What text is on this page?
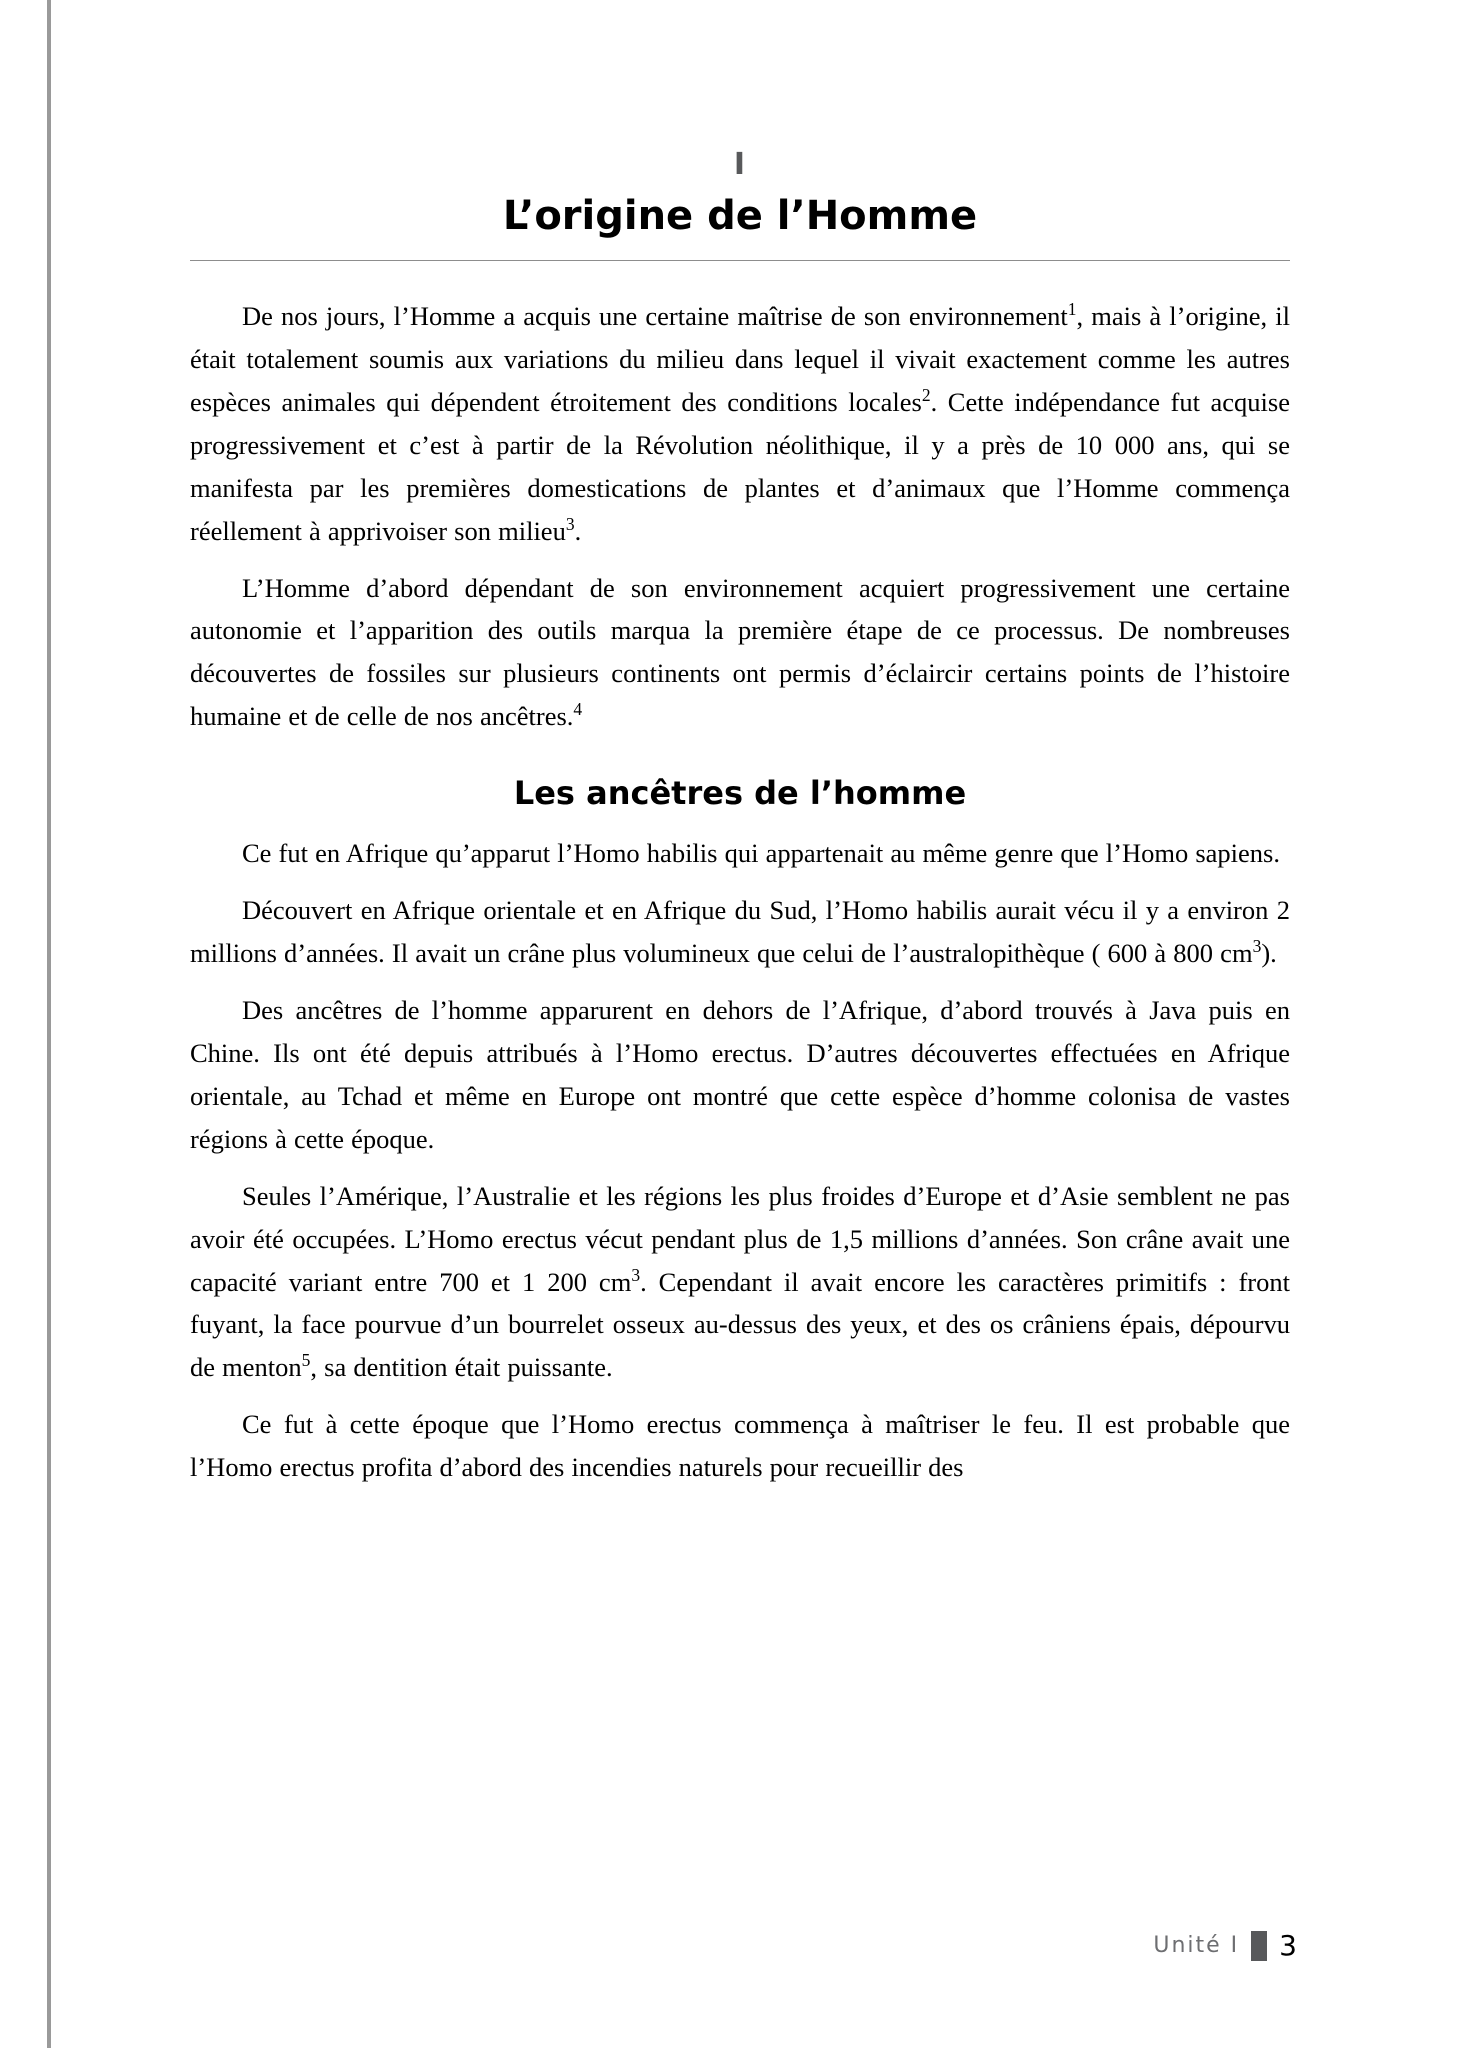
I
L’origine de l’Homme

De nos jours, l’Homme a acquis une certaine maîtrise de son environnement$^1$, mais à l’origine, il était totalement soumis aux variations du milieu dans lequel il vivait exactement comme les autres espèces animales qui dépendent étroitement des conditions locales$^2$. Cette indépendance fut acquise progressivement et c’est à partir de la Révolution néolithique, il y a près de 10 000 ans, qui se manifesta par les premières domestications de plantes et d’animaux que l’Homme commença réellement à apprivoiser son milieu$^3$.

L’Homme d’abord dépendant de son environnement acquiert progressivement une certaine autonomie et l’apparition des outils marqua la première étape de ce processus. De nombreuses découvertes de fossiles sur plusieurs continents ont permis d’éclaircir certains points de l’histoire humaine et de celle de nos ancêtres.$^4$

Les ancêtres de l’homme

Ce fut en Afrique qu’apparut l’Homo habilis qui appartenait au même genre que l’Homo sapiens.

Découvert en Afrique orientale et en Afrique du Sud, l’Homo habilis aurait vécu il y a environ 2 millions d’années. Il avait un crâne plus volumineux que celui de l’australopithèque ( 600 à 800 $cm^3$).

Des ancêtres de l’homme apparurent en dehors de l’Afrique, d’abord trouvés à Java puis en Chine. Ils ont été depuis attribués à l’Homo erectus. D’autres découvertes effectuées en Afrique orientale, au Tchad et même en Europe ont montré que cette espèce d’homme colonisa de vastes régions à cette époque.

Seules l’Amérique, l’Australie et les régions les plus froides d’Europe et d’Asie semblent ne pas avoir été occupées. L’Homo erectus vécut pendant plus de 1,5 millions d’années. Son crâne avait une capacité variant entre 700 et 1 200 $cm^3$. Cependant il avait encore les caractères primitifs : front fuyant, la face pourvue d’un bourrelet osseux au-dessus des yeux, et des os crâniens épais, dépourvu de menton$^5$, sa dentition était puissante.

Ce fut à cette époque que l’Homo erectus commença à maîtriser le feu. Il est probable que l’Homo erectus profita d’abord des incendies naturels pour recueillir des

Unité I 3
